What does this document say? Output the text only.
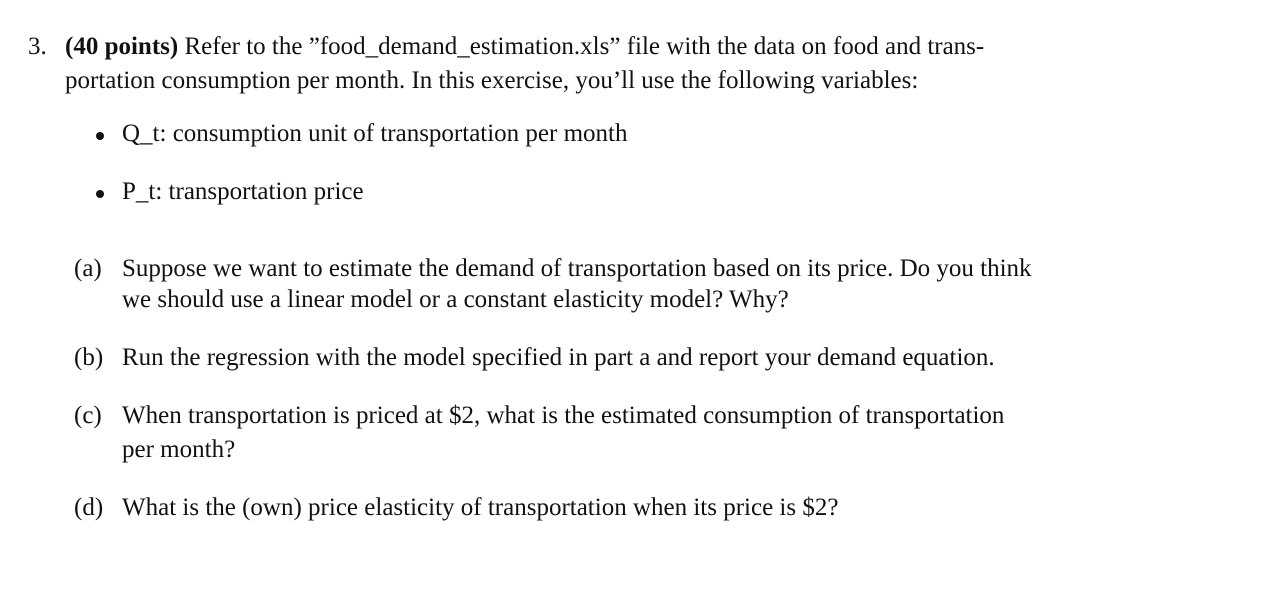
3. (40 points) Refer to the ”food_demand_estimation.xls” file with the data on food and trans-
portation consumption per month. In this exercise, you’ll use the following variables:
Q_t: consumption unit of transportation per month
P_t: transportation price
(a) Suppose we want to estimate the demand of transportation based on its price. Do you think
we should use a linear model or a constant elasticity model? Why?
(b) Run the regression with the model specified in part a and report your demand equation.
(c) When transportation is priced at $2, what is the estimated consumption of transportation
per month?
(d) What is the (own) price elasticity of transportation when its price is $2?
